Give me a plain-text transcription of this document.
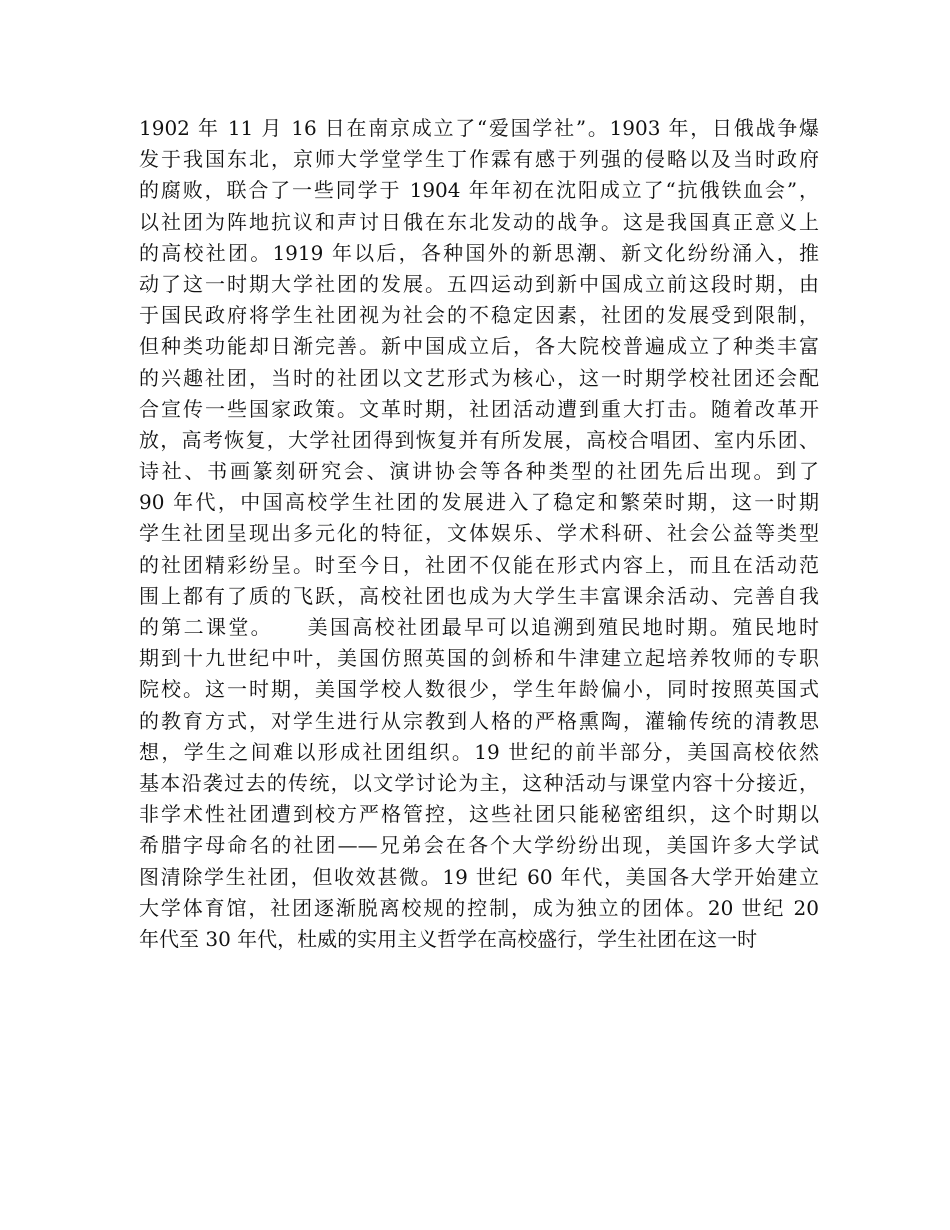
1902 年 11 月 16 日在南京成立了“爱国学社”。1903 年，日俄战争爆
发于我国东北，京师大学堂学生丁作霖有感于列强的侵略以及当时政府
的腐败，联合了一些同学于 1904 年年初在沈阳成立了“抗俄铁血会”，
以社团为阵地抗议和声讨日俄在东北发动的战争。这是我国真正意义上
的高校社团。1919 年以后，各种国外的新思潮、新文化纷纷涌入，推
动了这一时期大学社团的发展。五四运动到新中国成立前这段时期，由
于国民政府将学生社团视为社会的不稳定因素，社团的发展受到限制，
但种类功能却日渐完善。新中国成立后，各大院校普遍成立了种类丰富
的兴趣社团，当时的社团以文艺形式为核心，这一时期学校社团还会配
合宣传一些国家政策。文革时期，社团活动遭到重大打击。随着改革开
放，高考恢复，大学社团得到恢复并有所发展，高校合唱团、室内乐团、
诗社、书画篆刻研究会、演讲协会等各种类型的社团先后出现。到了
90 年代，中国高校学生社团的发展进入了稳定和繁荣时期，这一时期
学生社团呈现出多元化的特征，文体娱乐、学术科研、社会公益等类型
的社团精彩纷呈。时至今日，社团不仅能在形式内容上，而且在活动范
围上都有了质的飞跃，高校社团也成为大学生丰富课余活动、完善自我
的第二课堂。　　美国高校社团最早可以追溯到殖民地时期。殖民地时
期到十九世纪中叶，美国仿照英国的剑桥和牛津建立起培养牧师的专职
院校。这一时期，美国学校人数很少，学生年龄偏小，同时按照英国式
的教育方式，对学生进行从宗教到人格的严格熏陶，灌输传统的清教思
想，学生之间难以形成社团组织。19 世纪的前半部分，美国高校依然
基本沿袭过去的传统，以文学讨论为主，这种活动与课堂内容十分接近，
非学术性社团遭到校方严格管控，这些社团只能秘密组织，这个时期以
希腊字母命名的社团——兄弟会在各个大学纷纷出现，美国许多大学试
图清除学生社团，但收效甚微。19 世纪 60 年代，美国各大学开始建立
大学体育馆，社团逐渐脱离校规的控制，成为独立的团体。20 世纪 20
年代至 30 年代，杜威的实用主义哲学在高校盛行，学生社团在这一时
